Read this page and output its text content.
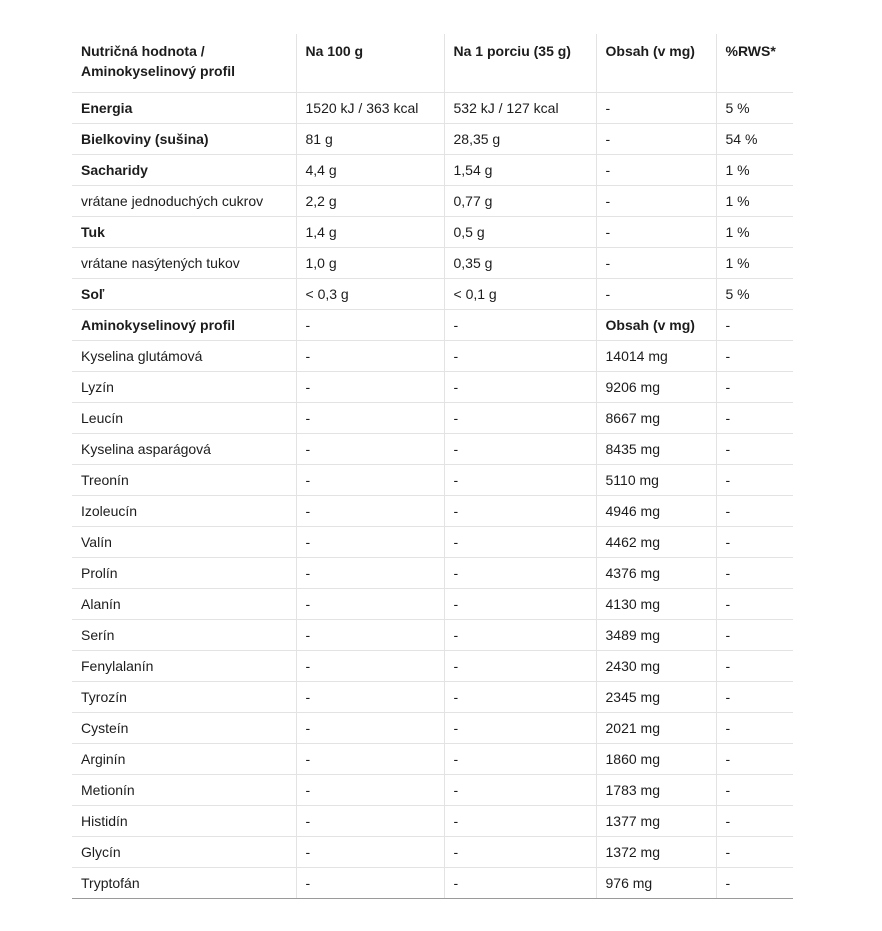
Nutričná hodnota /
Aminokyselinový profil	Na 100 g	Na 1 porciu (35 g)	Obsah (v mg)	%RWS*
Energia	1520 kJ / 363 kcal	532 kJ / 127 kcal	-	5 %
Bielkoviny (sušina)	81 g	28,35 g	-	54 %
Sacharidy	4,4 g	1,54 g	-	1 %
vrátane jednoduchých cukrov	2,2 g	0,77 g	-	1 %
Tuk	1,4 g	0,5 g	-	1 %
vrátane nasýtených tukov	1,0 g	0,35 g	-	1 %
Soľ	< 0,3 g	< 0,1 g	-	5 %
Aminokyselinový profil	-	-	Obsah (v mg)	-
Kyselina glutámová	-	-	14014 mg	-
Lyzín	-	-	9206 mg	-
Leucín	-	-	8667 mg	-
Kyselina asparágová	-	-	8435 mg	-
Treonín	-	-	5110 mg	-
Izoleucín	-	-	4946 mg	-
Valín	-	-	4462 mg	-
Prolín	-	-	4376 mg	-
Alanín	-	-	4130 mg	-
Serín	-	-	3489 mg	-
Fenylalanín	-	-	2430 mg	-
Tyrozín	-	-	2345 mg	-
Cysteín	-	-	2021 mg	-
Arginín	-	-	1860 mg	-
Metionín	-	-	1783 mg	-
Histidín	-	-	1377 mg	-
Glycín	-	-	1372 mg	-
Tryptofán	-	-	976 mg	-
